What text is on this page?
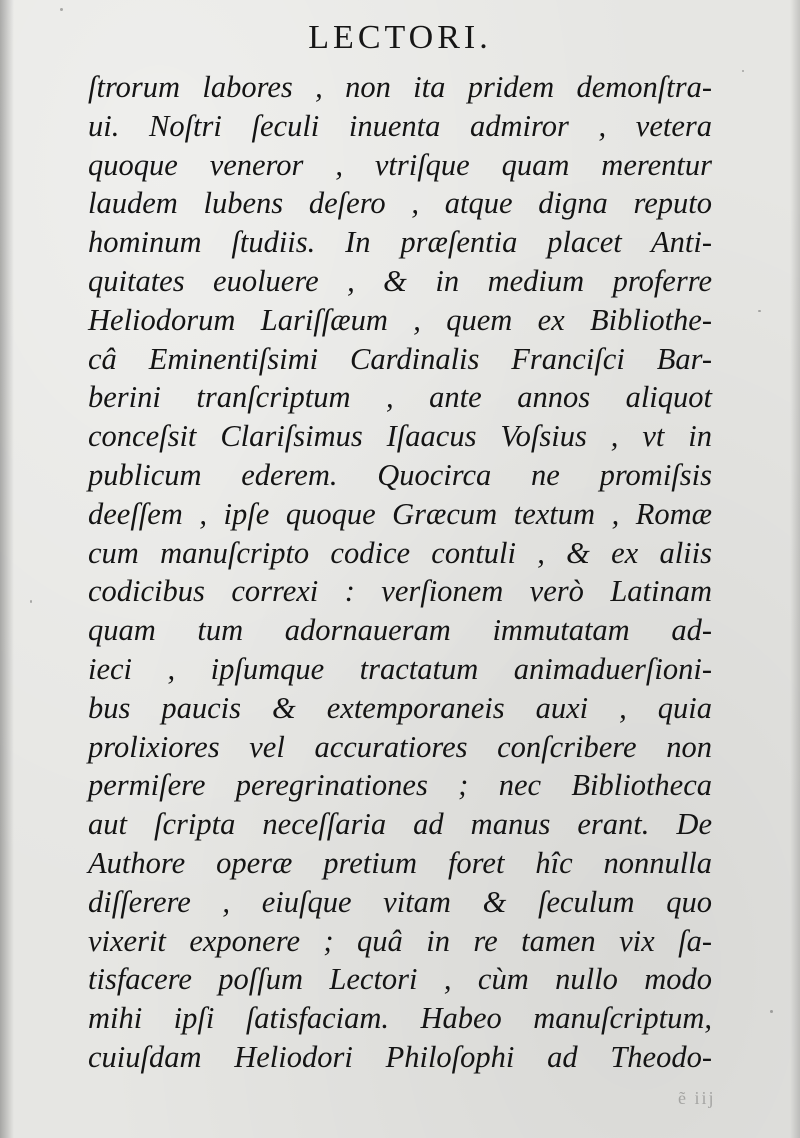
LECTORI.
ſtrorum labores , non ita pridem demonſtra-
ui. Noſtri ſeculi inuenta admiror , vetera
quoque veneror , vtriſque quam merentur
laudem lubens deſero , atque digna reputo
hominum ſtudiis. In præſentia placet Anti-
quitates euoluere , & in medium proferre
Heliodorum Lariſſæum , quem ex Bibliothe-
câ Eminentiſsimi Cardinalis Franciſci Bar-
berini tranſcriptum , ante annos aliquot
conceſsit Clariſsimus Iſaacus Voſsius , vt in
publicum ederem. Quocirca ne promiſsis
deeſſem , ipſe quoque Græcum textum , Romæ
cum manuſcripto codice contuli , & ex aliis
codicibus correxi : verſionem verò Latinam
quam tum adornaueram immutatam ad-
ieci , ipſumque tractatum animaduerſioni-
bus paucis & extemporaneis auxi , quia
prolixiores vel accuratiores conſcribere non
permiſere peregrinationes ; nec Bibliotheca
aut ſcripta neceſſaria ad manus erant. De
Authore operæ pretium foret hîc nonnulla
diſſerere , eiuſque vitam & ſeculum quo
vixerit exponere ; quâ in re tamen vix ſa-
tisfacere poſſum Lectori , cùm nullo modo
mihi ipſi ſatisfaciam. Habeo manuſcriptum,
cuiuſdam Heliodori Philoſophi ad Theodo-
ẽ iij
